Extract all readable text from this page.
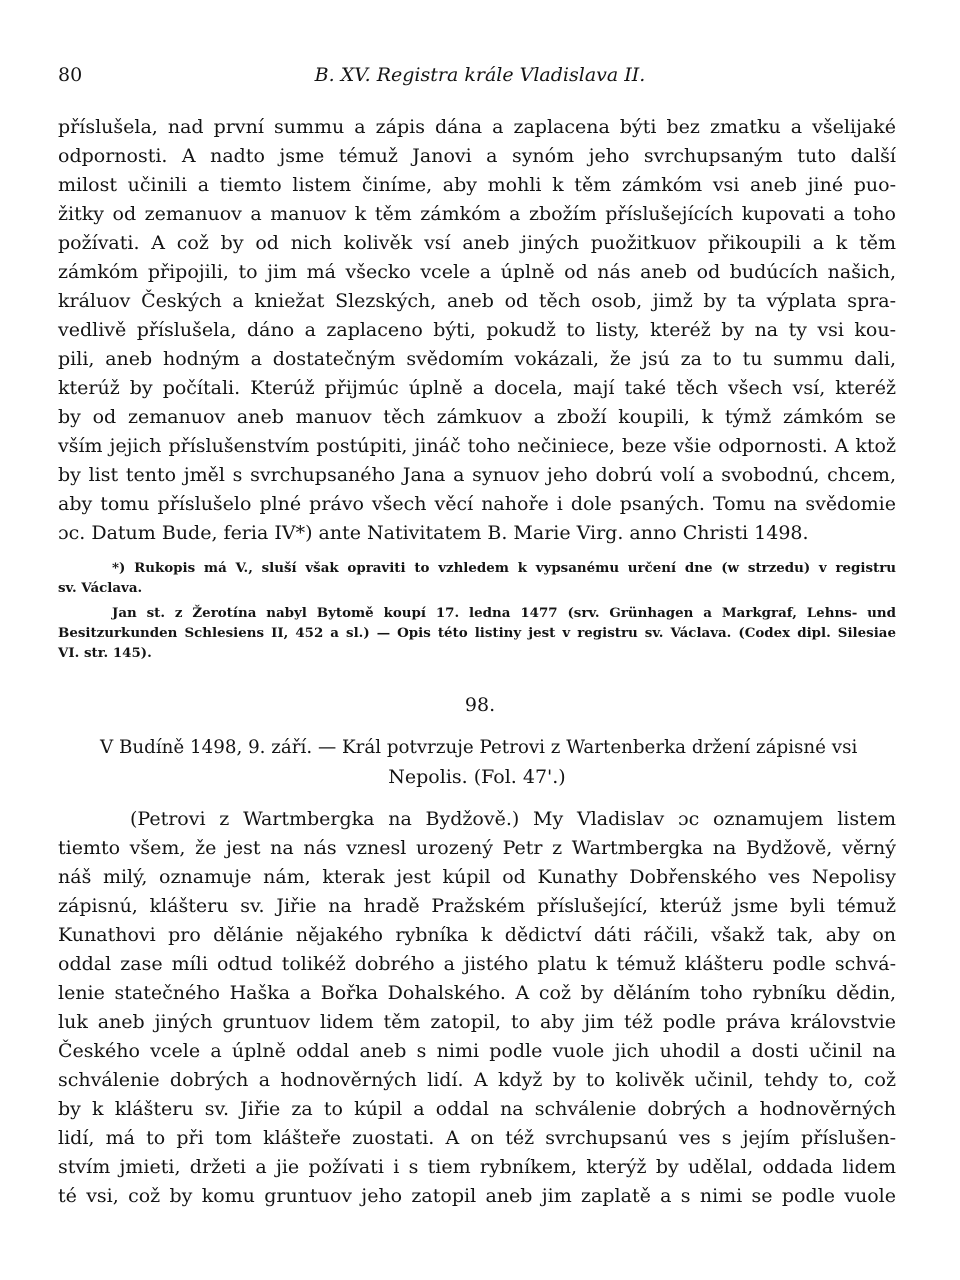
80	B. XV. Registra krále Vladislava II.
příslušela, nad první summu a zápis dána a zaplacena býti bez zmatku a všelijaké
odpornosti. A nadto jsme témuž Janovi a synóm jeho svrchupsaným tuto další
milost učinili a tiemto listem činíme, aby mohli k těm zámkóm vsi aneb jiné puo-
žitky od zemanuov a manuov k těm zámkóm a zbožím příslušejících kupovati a toho
požívati. A což by od nich kolivěk vsí aneb jiných puožitkuov přikoupili a k těm
zámkóm připojili, to jim má všecko vcele a úplně od nás aneb od budúcích našich,
králuov Českých a kniežat Slezských, aneb od těch osob, jimž by ta výplata spra-
vedlivě příslušela, dáno a zaplaceno býti, pokudž to listy, kteréž by na ty vsi kou-
pili, aneb hodným a dostatečným svědomím vokázali, že jsú za to tu summu dali,
kterúž by počítali. Kterúž přijmúc úplně a docela, mají také těch všech vsí, kteréž
by od zemanuov aneb manuov těch zámkuov a zboží koupili, k týmž zámkóm se
vším jejich příslušenstvím postúpiti, jináč toho nečiniece, beze všie odpornosti. A ktož
by list tento jměl s svrchupsaného Jana a synuov jeho dobrú volí a svobodnú, chcem,
aby tomu příslušelo plné právo všech věcí nahoře i dole psaných. Tomu na svědomie
ɔc. Datum Bude, feria IV*) ante Nativitatem B. Marie Virg. anno Christi 1498.
*) Rukopis má V., sluší však opraviti to vzhledem k vypsanému určení dne (w strzedu) v registru
sv. Václava.
Jan st. z Žerotína nabyl Bytomě koupí 17. ledna 1477 (srv. Grünhagen a Markgraf, Lehns- und
Besitzurkunden Schlesiens II, 452 a sl.) — Opis této listiny jest v registru sv. Václava. (Codex dipl. Silesiae
VI. str. 145).
98.
V Budíně 1498, 9. září. — Král potvrzuje Petrovi z Wartenberka držení zápisné vsi
Nepolis. (Fol. 47'.)
(Petrovi z Wartmbergka na Bydžově.) My Vladislav ɔc oznamujem listem
tiemto všem, že jest na nás vznesl urozený Petr z Wartmbergka na Bydžově, věrný
náš milý, oznamuje nám, kterak jest kúpil od Kunathy Dobřenského ves Nepolisy
zápisnú, klášteru sv. Jiřie na hradě Pražském příslušející, kterúž jsme byli témuž
Kunathovi pro dělánie nějakého rybníka k dědictví dáti ráčili, všakž tak, aby on
oddal zase míli odtud tolikéž dobrého a jistého platu k témuž klášteru podle schvá-
lenie statečného Haška a Bořka Dohalského. A což by děláním toho rybníku dědin,
luk aneb jiných gruntuov lidem těm zatopil, to aby jim též podle práva královstvie
Českého vcele a úplně oddal aneb s nimi podle vuole jich uhodil a dosti učinil na
schválenie dobrých a hodnověrných lidí. A když by to kolivěk učinil, tehdy to, což
by k klášteru sv. Jiřie za to kúpil a oddal na schválenie dobrých a hodnověrných
lidí, má to při tom klášteře zuostati. A on též svrchupsanú ves s jejím příslušen-
stvím jmieti, držeti a jie požívati i s tiem rybníkem, kterýž by udělal, oddada lidem
té vsi, což by komu gruntuov jeho zatopil aneb jim zaplatě a s nimi se podle vuole
